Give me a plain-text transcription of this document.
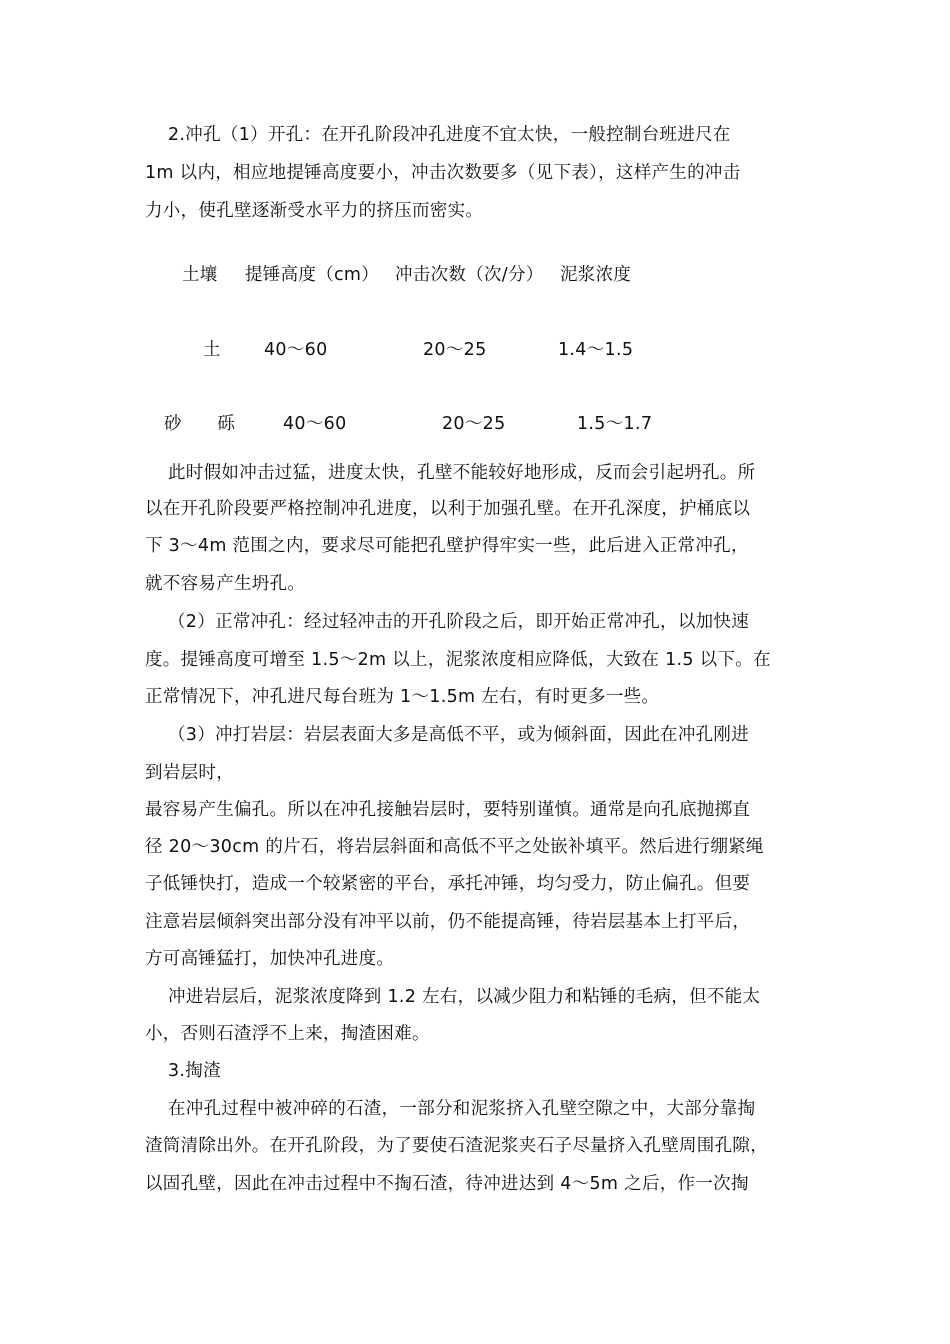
2.冲孔（1）开孔：在开孔阶段冲孔进度不宜太快，一般控制台班进尺在
1m 以内，相应地提锤高度要小，冲击次数要多（见下表），这样产生的冲击
力小，使孔壁逐渐受水平力的挤压而密实。
土壤 提锤高度（cm） 冲击次数（次/分） 泥浆浓度
土 40～60	20～25	1.4～1.5
砂　　砾	40～60	20～25	1.5～1.7
此时假如冲击过猛，进度太快，孔壁不能较好地形成，反而会引起坍孔。所
以在开孔阶段要严格控制冲孔进度，以利于加强孔壁。在开孔深度，护桶底以
下 3～4m 范围之内，要求尽可能把孔壁护得牢实一些，此后进入正常冲孔，
就不容易产生坍孔。
（2）正常冲孔：经过轻冲击的开孔阶段之后，即开始正常冲孔，以加快速
度。提锤高度可增至 1.5～2m 以上，泥浆浓度相应降低，大致在 1.5 以下。在
正常情况下，冲孔进尺每台班为 1～1.5m 左右，有时更多一些。
（3）冲打岩层：岩层表面大多是高低不平，或为倾斜面，因此在冲孔刚进
到岩层时，
最容易产生偏孔。所以在冲孔接触岩层时，要特别谨慎。通常是向孔底抛掷直
径 20～30cm 的片石，将岩层斜面和高低不平之处嵌补填平。然后进行绷紧绳
子低锤快打，造成一个较紧密的平台，承托冲锤，均匀受力，防止偏孔。但要
注意岩层倾斜突出部分没有冲平以前，仍不能提高锤，待岩层基本上打平后，
方可高锤猛打，加快冲孔进度。
冲进岩层后，泥浆浓度降到 1.2 左右，以减少阻力和粘锤的毛病，但不能太
小，否则石渣浮不上来，掏渣困难。
3.掏渣
在冲孔过程中被冲碎的石渣，一部分和泥浆挤入孔壁空隙之中，大部分靠掏
渣筒清除出外。在开孔阶段，为了要使石渣泥浆夹石子尽量挤入孔壁周围孔隙，
以固孔壁，因此在冲击过程中不掏石渣，待冲进达到 4～5m 之后，作一次掏
